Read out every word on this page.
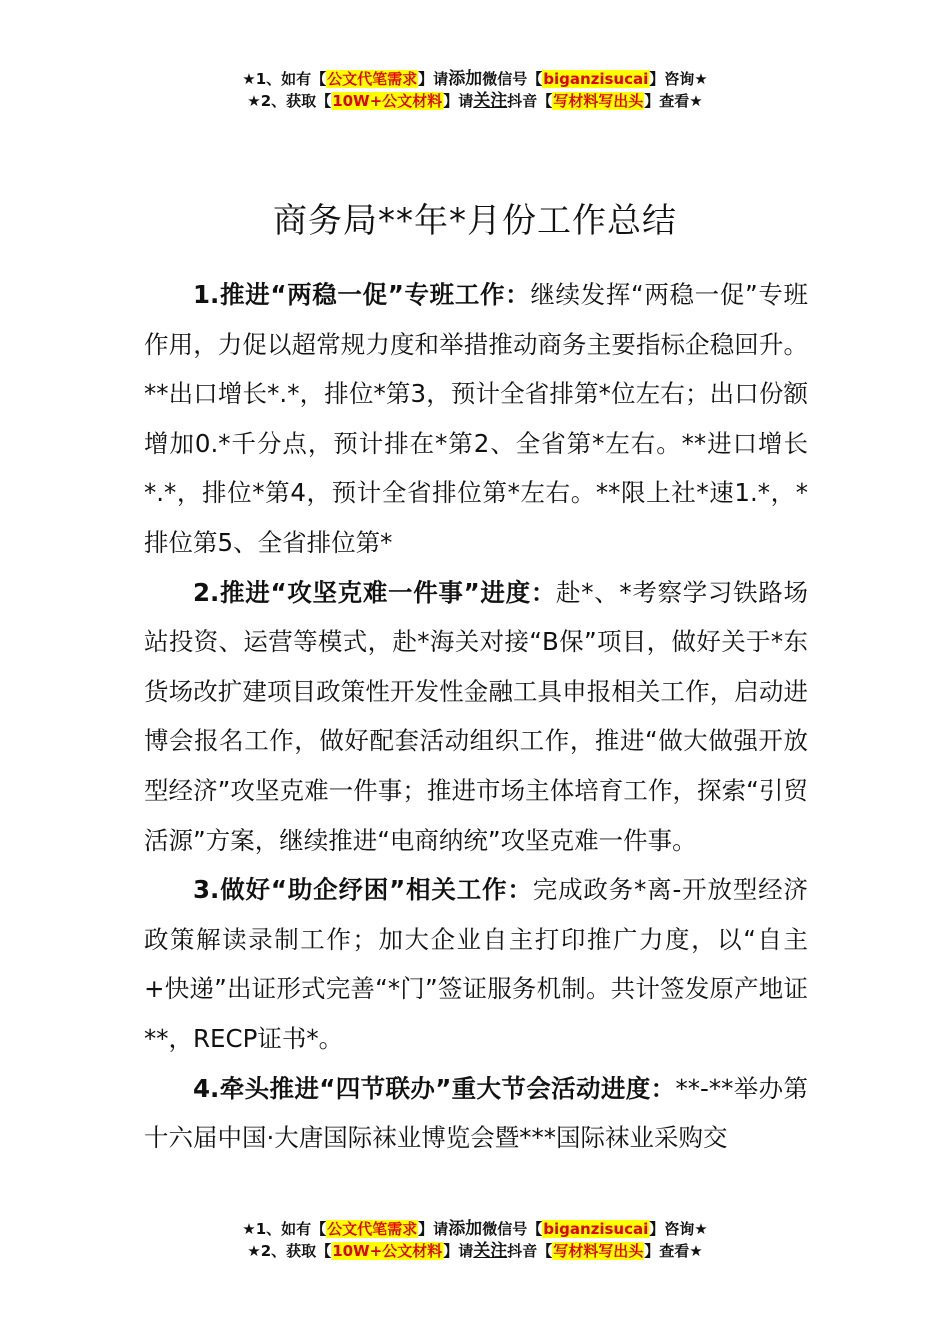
★1、如有【公文代笔需求】请添加微信号【biganzisucai】咨询★
★2、获取【10W+公文材料】请关注抖音【写材料写出头】查看★
商务局**年*月份工作总结

1.推进“两稳一促”专班工作：继续发挥“两稳一促”专班作用，力促以超常规力度和举措推动商务主要指标企稳回升。**出口增长*.*，排位*第3，预计全省排第*位左右；出口份额增加0.*千分点，预计排在*第2、全省第*左右。**进口增长*.*，排位*第4，预计全省排位第*左右。**限上社*速1.*，*排位第5、全省排位第*

2.推进“攻坚克难一件事”进度：赴*、*考察学习铁路场站投资、运营等模式，赴*海关对接“B保”项目，做好关于*东货场改扩建项目政策性开发性金融工具申报相关工作，启动进博会报名工作，做好配套活动组织工作，推进“做大做强开放型经济”攻坚克难一件事；推进市场主体培育工作，探索“引贸活源”方案，继续推进“电商纳统”攻坚克难一件事。

3.做好“助企纾困”相关工作：完成政务*离-开放型经济政策解读录制工作；加大企业自主打印推广力度，以“自主+快递”出证形式完善“*门”签证服务机制。共计签发原产地证**，RECP证书*。

4.牵头推进“四节联办”重大节会活动进度：**-**举办第十六届中国·大唐国际袜业博览会暨***国际袜业采购交

★1、如有【公文代笔需求】请添加微信号【biganzisucai】咨询★
★2、获取【10W+公文材料】请关注抖音【写材料写出头】查看★
